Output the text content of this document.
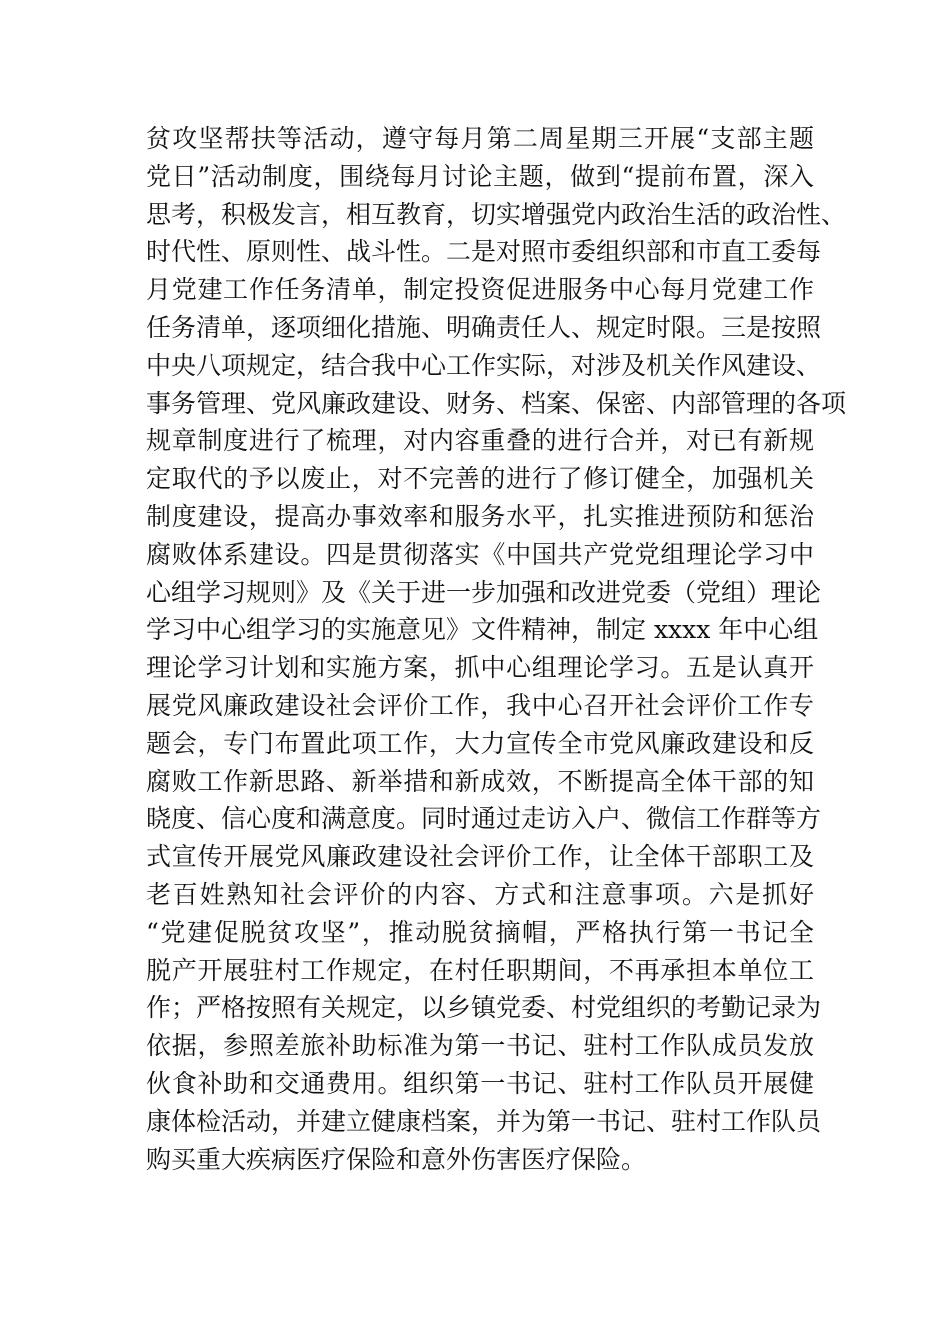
贫攻坚帮扶等活动，遵守每月第二周星期三开展“支部主题
党日”活动制度，围绕每月讨论主题，做到“提前布置，深入
思考，积极发言，相互教育，切实增强党内政治生活的政治性、
时代性、原则性、战斗性。二是对照市委组织部和市直工委每
月党建工作任务清单，制定投资促进服务中心每月党建工作
任务清单，逐项细化措施、明确责任人、规定时限。三是按照
中央八项规定，结合我中心工作实际，对涉及机关作风建设、
事务管理、党风廉政建设、财务、档案、保密、内部管理的各项
规章制度进行了梳理，对内容重叠的进行合并，对已有新规
定取代的予以废止，对不完善的进行了修订健全，加强机关
制度建设，提高办事效率和服务水平，扎实推进预防和惩治
腐败体系建设。四是贯彻落实《中国共产党党组理论学习中
心组学习规则》及《关于进一步加强和改进党委（党组）理论
学习中心组学习的实施意见》文件精神，制定 xxxx 年中心组
理论学习计划和实施方案，抓中心组理论学习。五是认真开
展党风廉政建设社会评价工作，我中心召开社会评价工作专
题会，专门布置此项工作，大力宣传全市党风廉政建设和反
腐败工作新思路、新举措和新成效，不断提高全体干部的知
晓度、信心度和满意度。同时通过走访入户、微信工作群等方
式宣传开展党风廉政建设社会评价工作，让全体干部职工及
老百姓熟知社会评价的内容、方式和注意事项。六是抓好
“党建促脱贫攻坚”，推动脱贫摘帽，严格执行第一书记全
脱产开展驻村工作规定，在村任职期间，不再承担本单位工
作；严格按照有关规定，以乡镇党委、村党组织的考勤记录为
依据，参照差旅补助标准为第一书记、驻村工作队成员发放
伙食补助和交通费用。组织第一书记、驻村工作队员开展健
康体检活动，并建立健康档案，并为第一书记、驻村工作队员
购买重大疾病医疗保险和意外伤害医疗保险。
